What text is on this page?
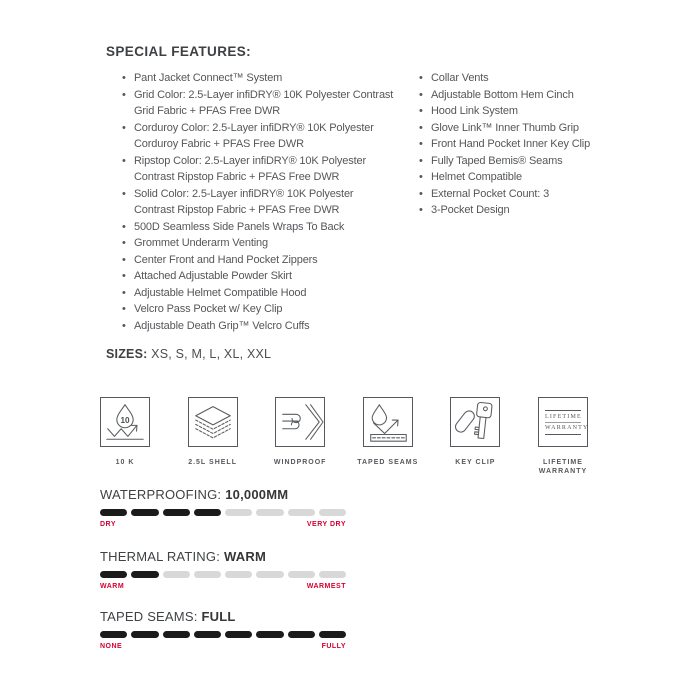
SPECIAL FEATURES:
• Pant Jacket Connect™ System
• Grid Color: 2.5-Layer infiDRY® 10K Polyester Contrast Grid Fabric + PFAS Free DWR
• Corduroy Color: 2.5-Layer infiDRY® 10K Polyester Corduroy Fabric + PFAS Free DWR
• Ripstop Color: 2.5-Layer infiDRY® 10K Polyester Contrast Ripstop Fabric + PFAS Free DWR
• Solid Color: 2.5-Layer infiDRY® 10K Polyester Contrast Ripstop Fabric + PFAS Free DWR
• 500D Seamless Side Panels Wraps To Back
• Grommet Underarm Venting
• Center Front and Hand Pocket Zippers
• Attached Adjustable Powder Skirt
• Adjustable Helmet Compatible Hood
• Velcro Pass Pocket w/ Key Clip
• Adjustable Death Grip™ Velcro Cuffs
• Collar Vents
• Adjustable Bottom Hem Cinch
• Hood Link System
• Glove Link™ Inner Thumb Grip
• Front Hand Pocket Inner Key Clip
• Fully Taped Bemis® Seams
• Helmet Compatible
• External Pocket Count: 3
• 3-Pocket Design
SIZES: XS, S, M, L, XL, XXL
10
10 K	2.5L SHELL	WINDPROOF	TAPED SEAMS	KEY CLIP
LIFETIME
WARRANTY
LIFETIME WARRANTY
WATERPROOFING: 10,000MM
DRY	VERY DRY
THERMAL RATING: WARM
WARM	WARMEST
TAPED SEAMS: FULL
NONE	FULLY
